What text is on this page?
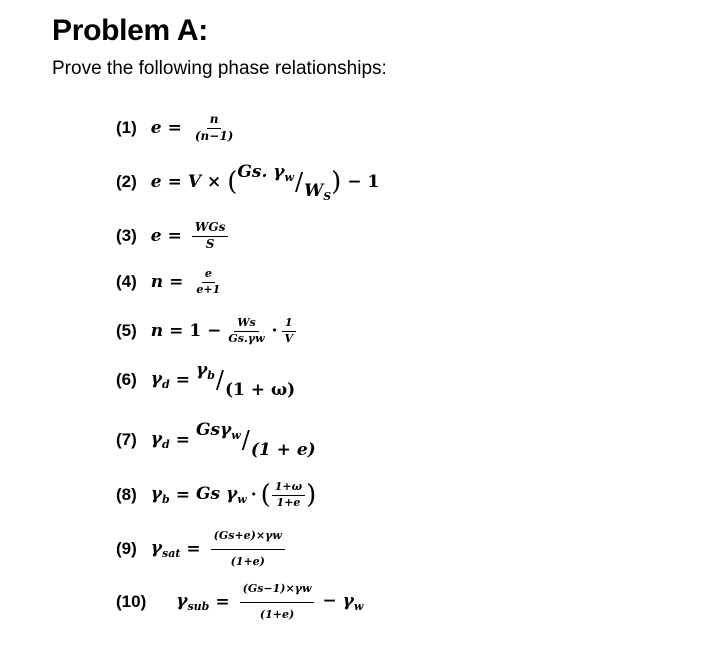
Problem A:
Prove the following phase relationships:
(1) $e = \frac{n}{(n-1)}$
(2) e = V × ( Gs. $\gamma_w / W_S$ ) − 1
(3) $e = \frac{\text{WGs}}{S}$
(4) $n = \frac{e}{e+1}$
(5) $n = 1 - \frac{Ws}{Gs.\gamma w} \cdot \frac{1}{V}$
(6) $\gamma_d = \gamma_b / (1 + \omega)$
(7) $\gamma_d = Gs\gamma_w / (1 + e)$
(8) $\gamma_b = Gs$ $\gamma_w$ · ( $\frac{1+\omega}{1+e}$ )
(9) $\gamma_{sat} = \frac{(Gs+e)\times\gamma w}{(1+e)}$
(10) $\gamma_{sub} = \frac{(Gs-1)\times\gamma w}{(1+e)} - \gamma_w$
